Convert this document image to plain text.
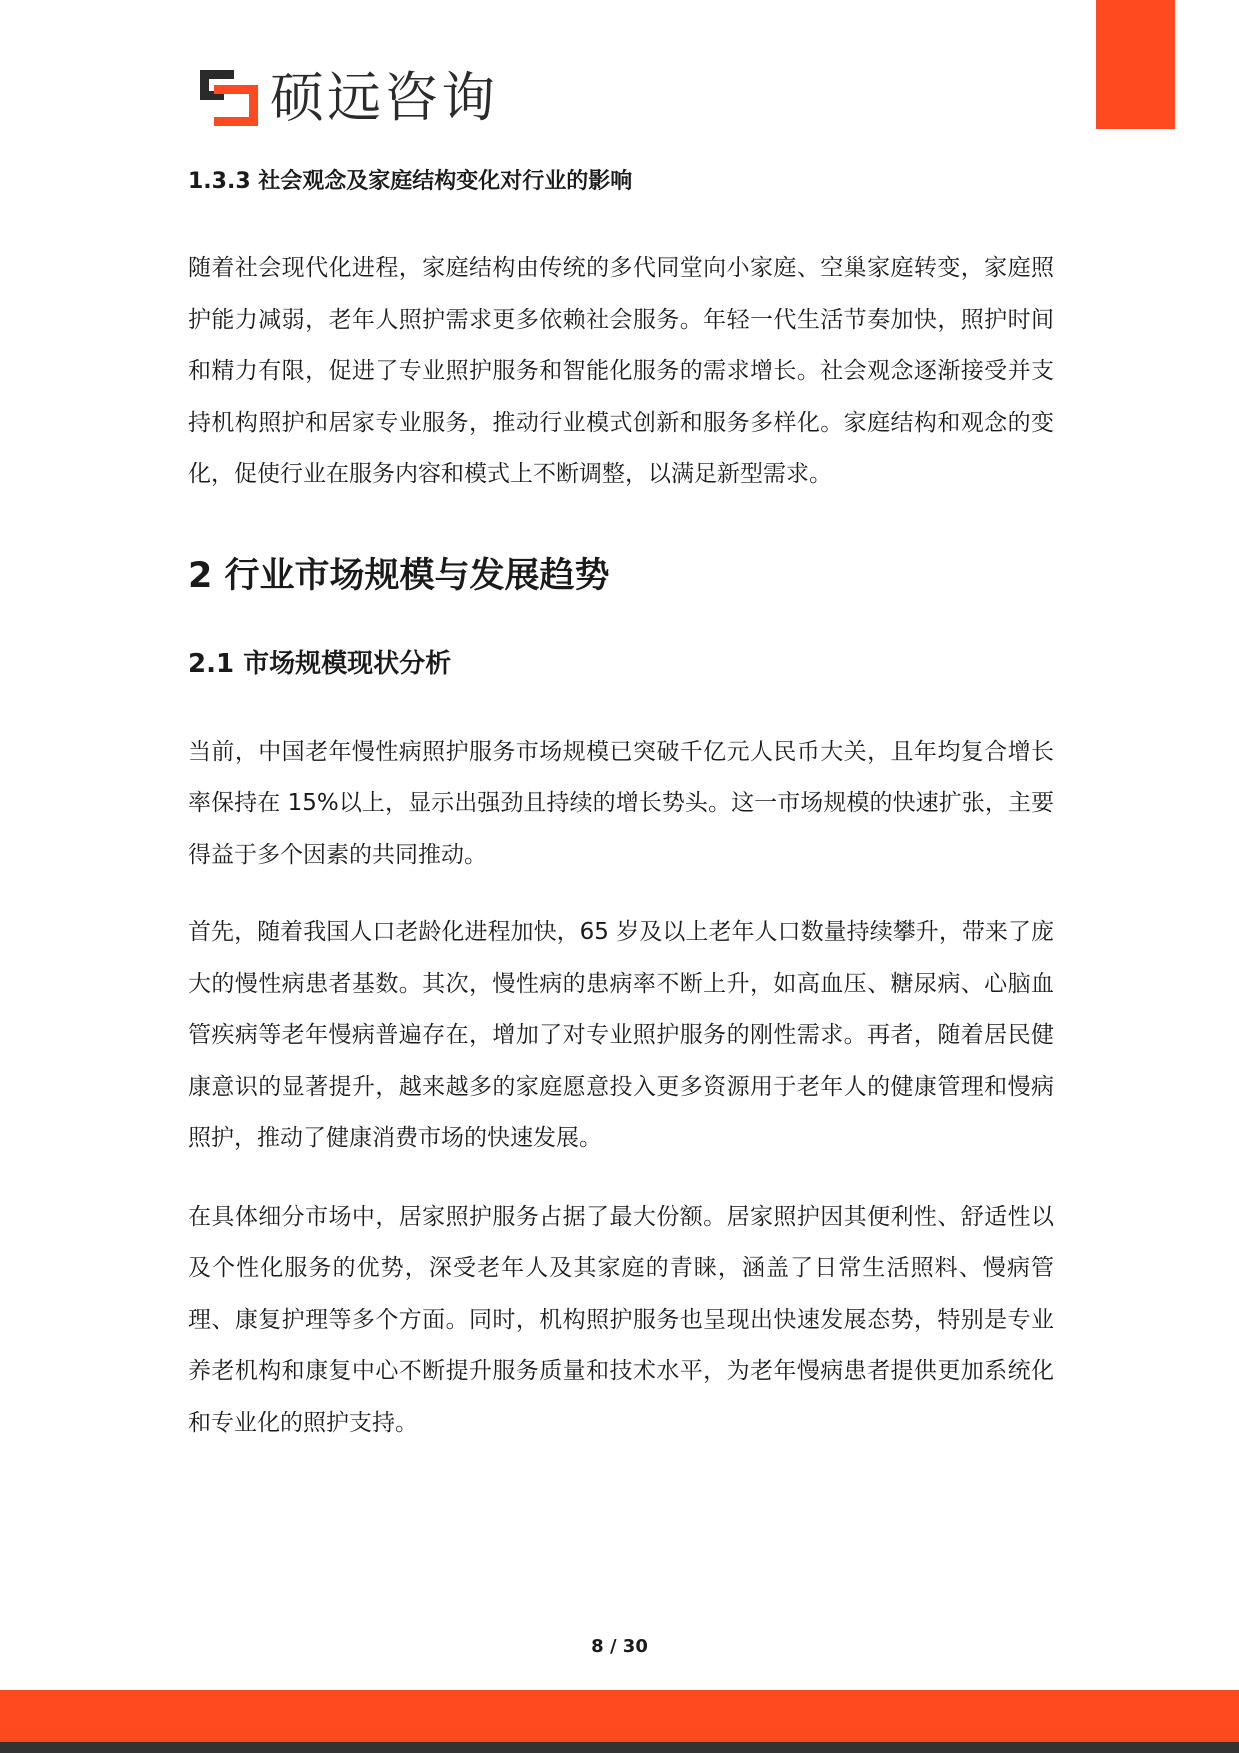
硕远咨询
1.3.3 社会观念及家庭结构变化对行业的影响

随着社会现代化进程，家庭结构由传统的多代同堂向小家庭、空巢家庭转变，家庭照护能力减弱，老年人照护需求更多依赖社会服务。年轻一代生活节奏加快，照护时间和精力有限，促进了专业照护服务和智能化服务的需求增长。社会观念逐渐接受并支持机构照护和居家专业服务，推动行业模式创新和服务多样化。家庭结构和观念的变化，促使行业在服务内容和模式上不断调整，以满足新型需求。

2 行业市场规模与发展趋势
2.1 市场规模现状分析

当前，中国老年慢性病照护服务市场规模已突破千亿元人民币大关，且年均复合增长率保持在 15%以上，显示出强劲且持续的增长势头。这一市场规模的快速扩张，主要得益于多个因素的共同推动。

首先，随着我国人口老龄化进程加快，65 岁及以上老年人口数量持续攀升，带来了庞大的慢性病患者基数。其次，慢性病的患病率不断上升，如高血压、糖尿病、心脑血管疾病等老年慢病普遍存在，增加了对专业照护服务的刚性需求。再者，随着居民健康意识的显著提升，越来越多的家庭愿意投入更多资源用于老年人的健康管理和慢病照护，推动了健康消费市场的快速发展。

在具体细分市场中，居家照护服务占据了最大份额。居家照护因其便利性、舒适性以及个性化服务的优势，深受老年人及其家庭的青睐，涵盖了日常生活照料、慢病管理、康复护理等多个方面。同时，机构照护服务也呈现出快速发展态势，特别是专业养老机构和康复中心不断提升服务质量和技术水平，为老年慢病患者提供更加系统化和专业化的照护支持。

8 / 30
